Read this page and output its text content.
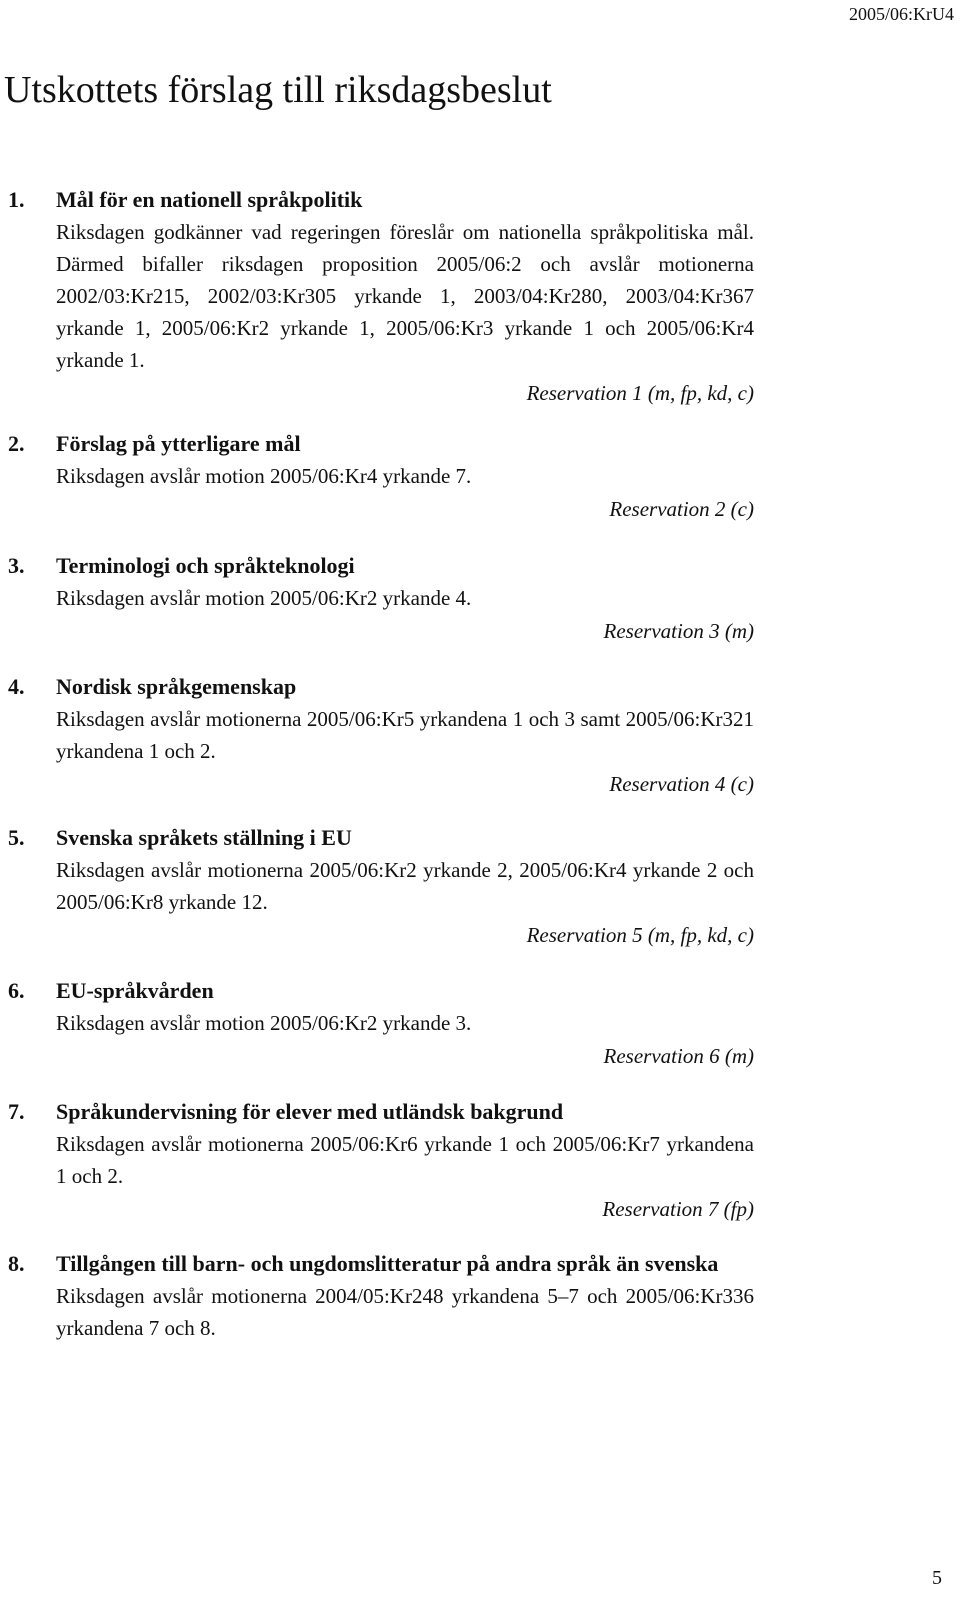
2005/06:KrU4
Utskottets förslag till riksdagsbeslut
1.	Mål för en nationell språkpolitik
Riksdagen godkänner vad regeringen föreslår om nationella språkpolitiska mål. Därmed bifaller riksdagen proposition 2005/06:2 och avslår motionerna 2002/03:Kr215, 2002/03:Kr305 yrkande 1, 2003/04:Kr280, 2003/04:Kr367 yrkande 1, 2005/06:Kr2 yrkande 1, 2005/06:Kr3 yrkande 1 och 2005/06:Kr4 yrkande 1.
Reservation 1 (m, fp, kd, c)
2.	Förslag på ytterligare mål
Riksdagen avslår motion 2005/06:Kr4 yrkande 7.
Reservation 2 (c)
3.	Terminologi och språkteknologi
Riksdagen avslår motion 2005/06:Kr2 yrkande 4.
Reservation 3 (m)
4.	Nordisk språkgemenskap
Riksdagen avslår motionerna 2005/06:Kr5 yrkandena 1 och 3 samt 2005/06:Kr321 yrkandena 1 och 2.
Reservation 4 (c)
5.	Svenska språkets ställning i EU
Riksdagen avslår motionerna 2005/06:Kr2 yrkande 2, 2005/06:Kr4 yrkande 2 och 2005/06:Kr8 yrkande 12.
Reservation 5 (m, fp, kd, c)
6.	EU-språkvården
Riksdagen avslår motion 2005/06:Kr2 yrkande 3.
Reservation 6 (m)
7.	Språkundervisning för elever med utländsk bakgrund
Riksdagen avslår motionerna 2005/06:Kr6 yrkande 1 och 2005/06:Kr7 yrkandena 1 och 2.
Reservation 7 (fp)
8.	Tillgången till barn- och ungdomslitteratur på andra språk än svenska
Riksdagen avslår motionerna 2004/05:Kr248 yrkandena 5–7 och 2005/06:Kr336 yrkandena 7 och 8.
5
